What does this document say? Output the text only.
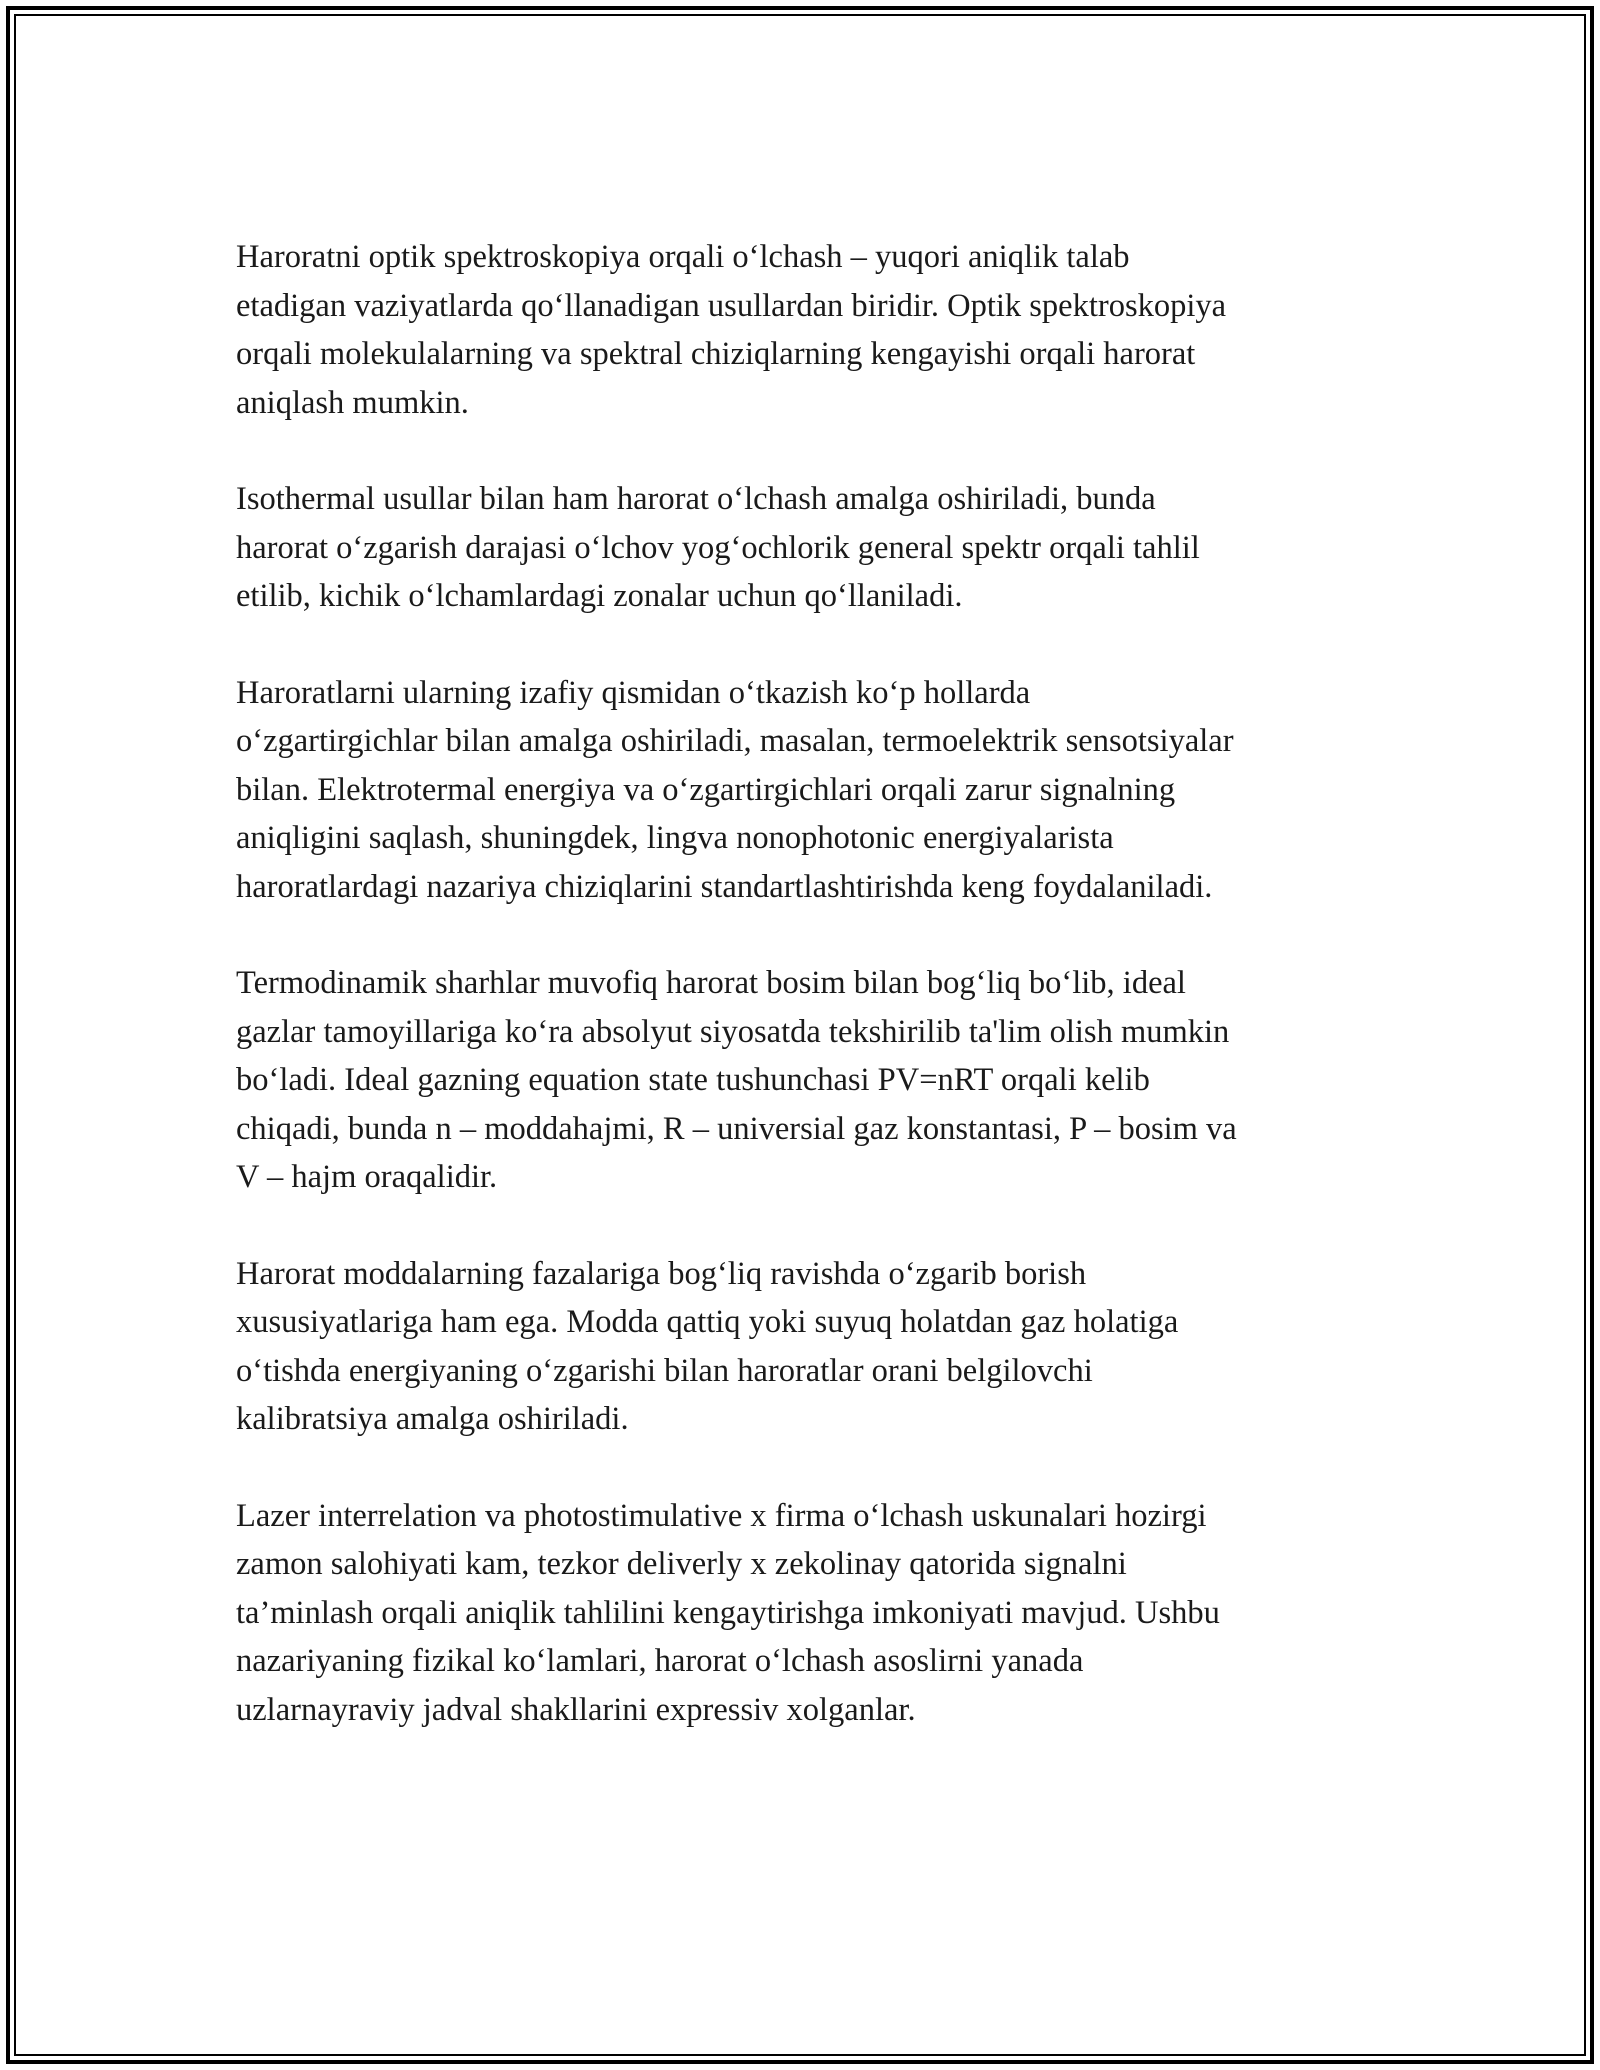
Haroratni optik spektroskopiya orqali o‘lchash – yuqori aniqlik talab
etadigan vaziyatlarda qo‘llanadigan usullardan biridir. Optik spektroskopiya
orqali molekulalarning va spektral chiziqlarning kengayishi orqali harorat
aniqlash mumkin.

Isothermal usullar bilan ham harorat o‘lchash amalga oshiriladi, bunda
harorat o‘zgarish darajasi o‘lchov yog‘ochlorik general spektr orqali tahlil
etilib, kichik o‘lchamlardagi zonalar uchun qo‘llaniladi.

Haroratlarni ularning izafiy qismidan o‘tkazish ko‘p hollarda
o‘zgartirgichlar bilan amalga oshiriladi, masalan, termoelektrik sensotsiyalar
bilan. Elektrotermal energiya va o‘zgartirgichlari orqali zarur signalning
aniqligini saqlash, shuningdek, lingva nonophotonic energiyalarista
haroratlardagi nazariya chiziqlarini standartlashtirishda keng foydalaniladi.

Termodinamik sharhlar muvofiq harorat bosim bilan bog‘liq bo‘lib, ideal
gazlar tamoyillariga ko‘ra absolyut siyosatda tekshirilib ta'lim olish mumkin
bo‘ladi. Ideal gazning equation state tushunchasi PV=nRT orqali kelib
chiqadi, bunda n – moddahajmi, R – universial gaz konstantasi, P – bosim va
V – hajm oraqalidir.

Harorat moddalarning fazalariga bog‘liq ravishda o‘zgarib borish
xususiyatlariga ham ega. Modda qattiq yoki suyuq holatdan gaz holatiga
o‘tishda energiyaning o‘zgarishi bilan haroratlar orani belgilovchi
kalibratsiya amalga oshiriladi.

Lazer interrelation va photostimulative x firma o‘lchash uskunalari hozirgi
zamon salohiyati kam, tezkor deliverly x zekolinay qatorida signalni
ta’minlash orqali aniqlik tahlilini kengaytirishga imkoniyati mavjud. Ushbu
nazariyaning fizikal ko‘lamlari, harorat o‘lchash asoslirni yanada
uzlarnayraviy jadval shakllarini expressiv xolganlar.
